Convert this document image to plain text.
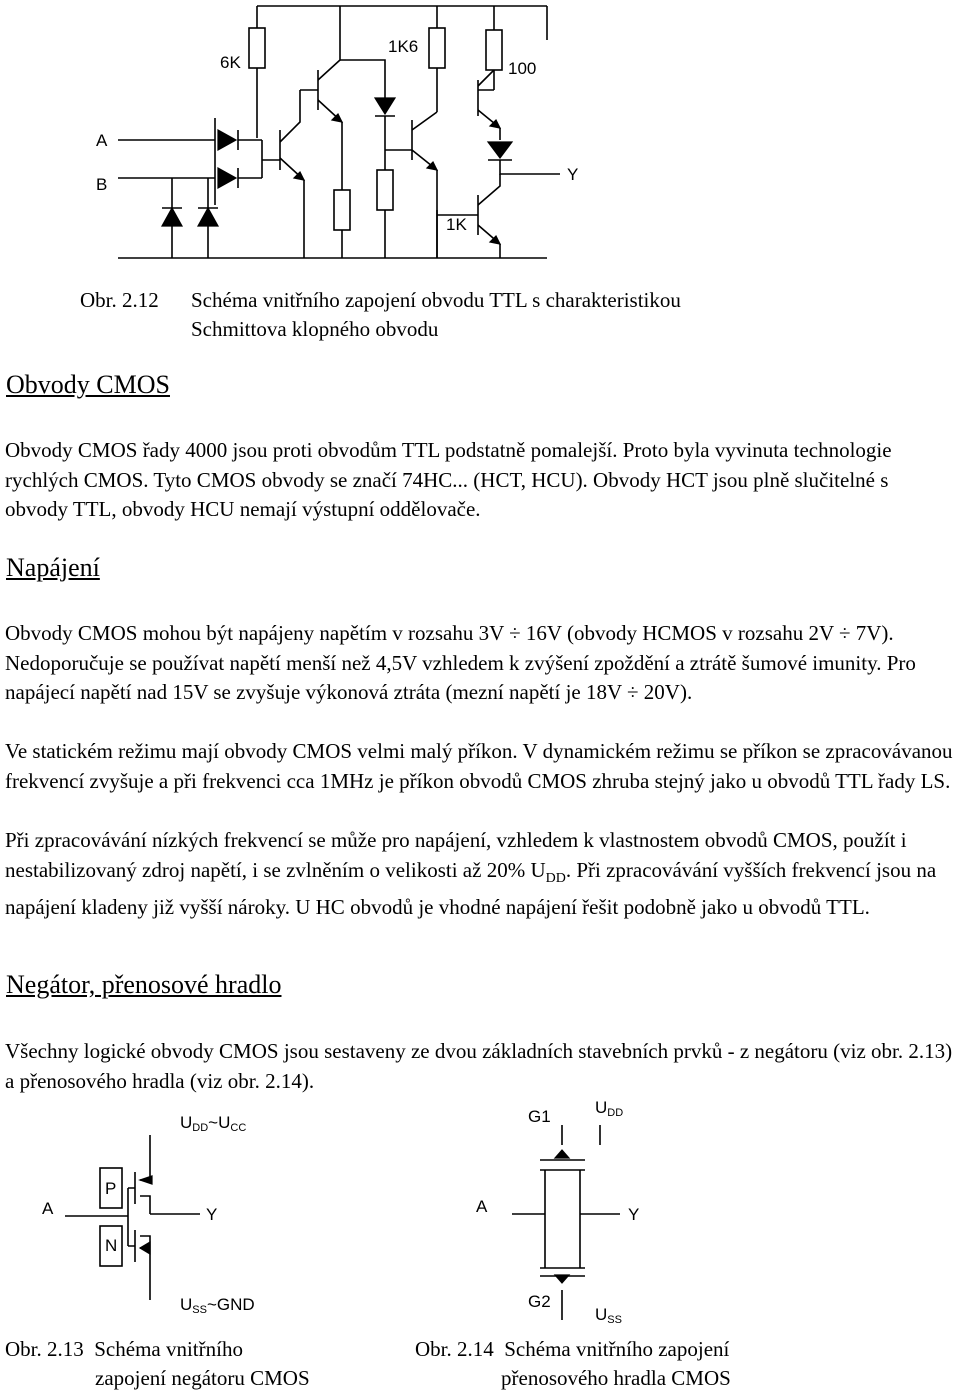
6K
1K6
100
1K
A
B
Y
Obr. 2.12 Schéma vnitřního zapojení obvodu TTL s charakteristikou
Schmittova klopného obvodu
Obvody CMOS

Obvody CMOS řady 4000 jsou proti obvodům TTL podstatně pomalejší. Proto byla vyvinuta technologie rychlých CMOS. Tyto CMOS obvody se značí 74HC... (HCT, HCU). Obvody HCT jsou plně slučitelné s obvody TTL, obvody HCU nemají výstupní oddělovače.

Napájení

Obvody CMOS mohou být napájeny napětím v rozsahu 3V ÷ 16V (obvody HCMOS v rozsahu 2V ÷ 7V). Nedoporučuje se používat napětí menší než 4,5V vzhledem k zvýšení zpoždění a ztrátě šumové imunity. Pro napájecí napětí nad 15V se zvyšuje výkonová ztráta (mezní napětí je 18V ÷ 20V).

Ve statickém režimu mají obvody CMOS velmi malý příkon. V dynamickém režimu se příkon se zpracovávanou frekvencí zvyšuje a při frekvenci cca 1MHz je příkon obvodů CMOS zhruba stejný jako u obvodů TTL řady LS.

Při zpracovávání nízkých frekvencí se může pro napájení, vzhledem k vlastnostem obvodů CMOS, použít i nestabilizovaný zdroj napětí, i se zvlněním o velikosti až 20% $U_{DD}$. Při zpracovávání vyšších frekvencí jsou na napájení kladeny již vyšší nároky. U HC obvodů je vhodné napájení řešit podobně jako u obvodů TTL.

Negátor, přenosové hradlo

Všechny logické obvody CMOS jsou sestaveny ze dvou základních stavebních prvků - z negátoru (viz obr. 2.13) a přenosového hradla (viz obr. 2.14).

P
N
A	Y
UDD~UCC
USS~GND
G1
G2
A	Y
UDD
USS
Obr. 2.13 Schéma vnitřního
zapojení negátoru CMOS
Obr. 2.14 Schéma vnitřního zapojení
přenosového hradla CMOS
